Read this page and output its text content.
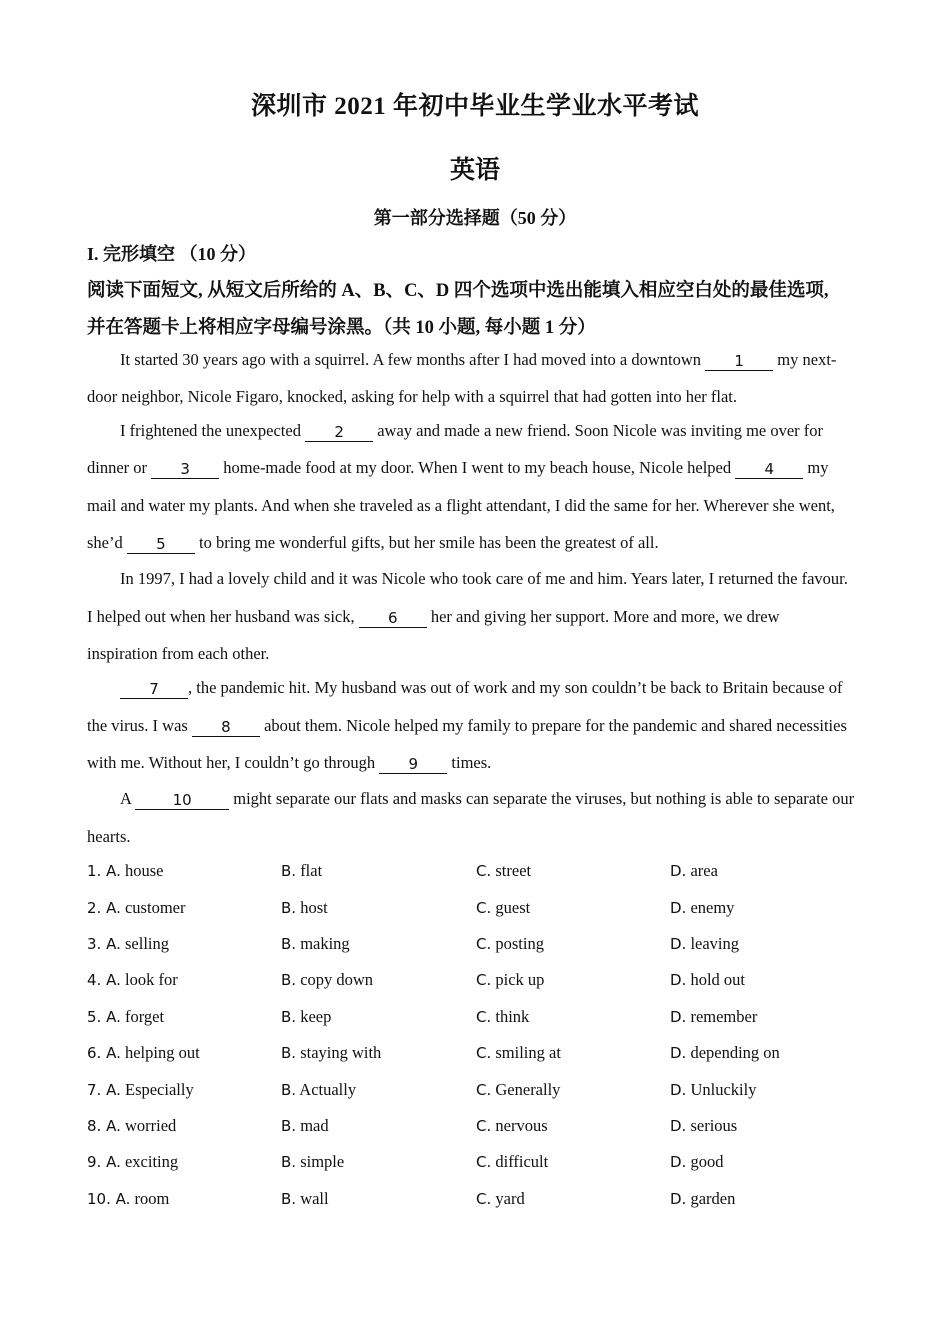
深圳市 2021 年初中毕业生学业水平考试
英语
第一部分选择题（50 分）
I. 完形填空 （10 分）
阅读下面短文, 从短文后所给的 A、B、C、D 四个选项中选出能填入相应空白处的最佳选项,
并在答题卡上将相应字母编号涂黑。（共 10 小题, 每小题 1 分）
It started 30 years ago with a squirrel. A few months after I had moved into a downtown 1 my next-
door neighbor, Nicole Figaro, knocked, asking for help with a squirrel that had gotten into her flat.
I frightened the unexpected 2 away and made a new friend. Soon Nicole was inviting me over for
dinner or 3 home-made food at my door. When I went to my beach house, Nicole helped 4 my
mail and water my plants. And when she traveled as a flight attendant, I did the same for her. Wherever she went,
she’d 5 to bring me wonderful gifts, but her smile has been the greatest of all.
In 1997, I had a lovely child and it was Nicole who took care of me and him. Years later, I returned the favour.
I helped out when her husband was sick, 6 her and giving her support. More and more, we drew
inspiration from each other.
7 , the pandemic hit. My husband was out of work and my son couldn’t be back to Britain because of
the virus. I was 8 about them. Nicole helped my family to prepare for the pandemic and shared necessities
with me. Without her, I couldn’t go through 9 times.
A 10 might separate our flats and masks can separate the viruses, but nothing is able to separate our
hearts.
1. A. house	B. flat	C. street	D. area
2. A. customer	B. host	C. guest	D. enemy
3. A. selling	B. making	C. posting	D. leaving
4. A. look for	B. copy down	C. pick up	D. hold out
5. A. forget	B. keep	C. think	D. remember
6. A. helping out	B. staying with	C. smiling at	D. depending on
7. A. Especially	B. Actually	C. Generally	D. Unluckily
8. A. worried	B. mad	C. nervous	D. serious
9. A. exciting	B. simple	C. difficult	D. good
10. A. room	B. wall	C. yard	D. garden
